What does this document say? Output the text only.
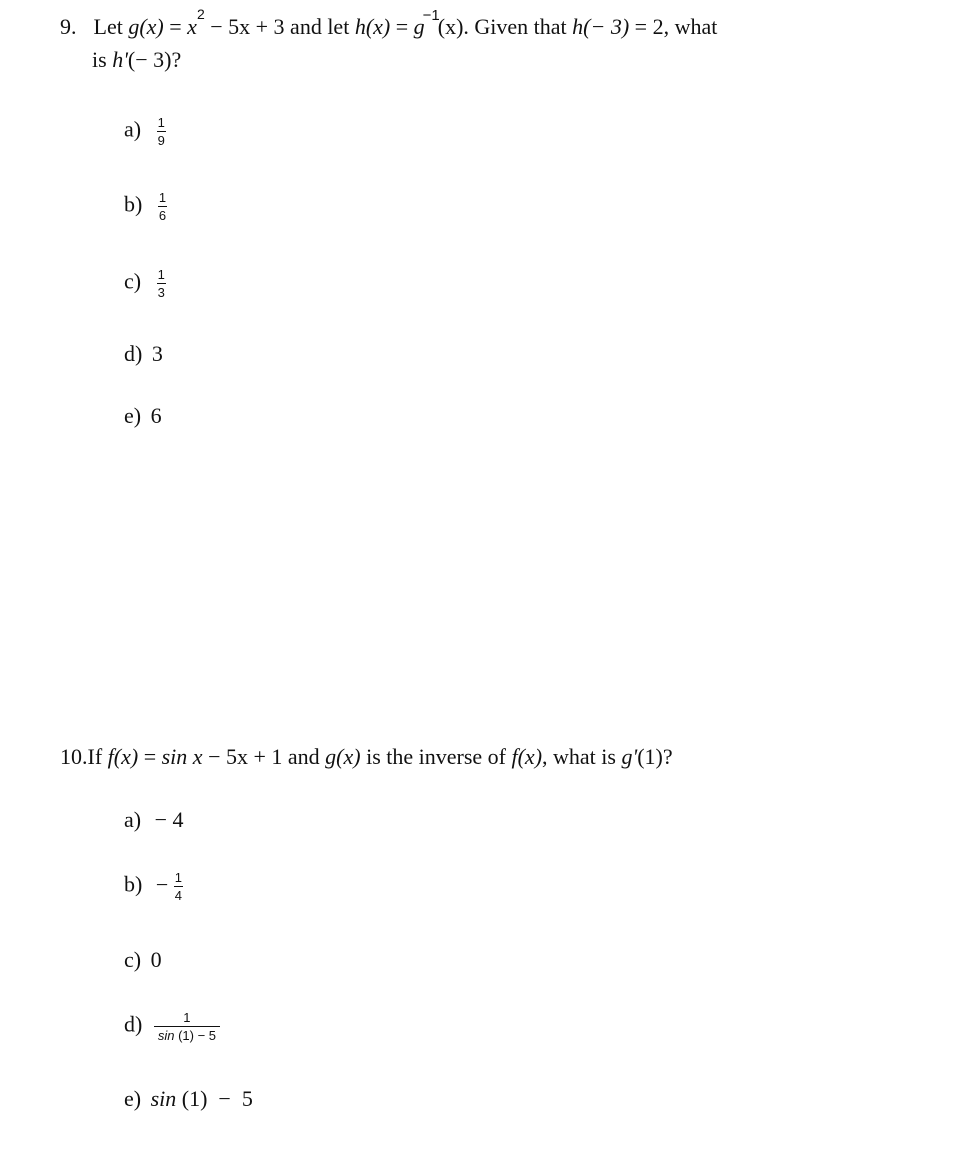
9. Let g(x) = x2 − 5x + 3 and let h(x) = g−1(x). Given that h(− 3) = 2, what
is h'(− 3)?
$a) \frac{1}{9}$
$b) \frac{1}{6}$
$c) \frac{1}{3}$
d) 3
e) 6
10.If f(x) = sin x − 5x + 1 and g(x) is the inverse of f(x), what is g'(1)?
a) − 4
$b) - \frac{1}{4}$
c) 0
$d) \frac{1}{\sin (1) - 5}$
e) sin (1)  −  5
